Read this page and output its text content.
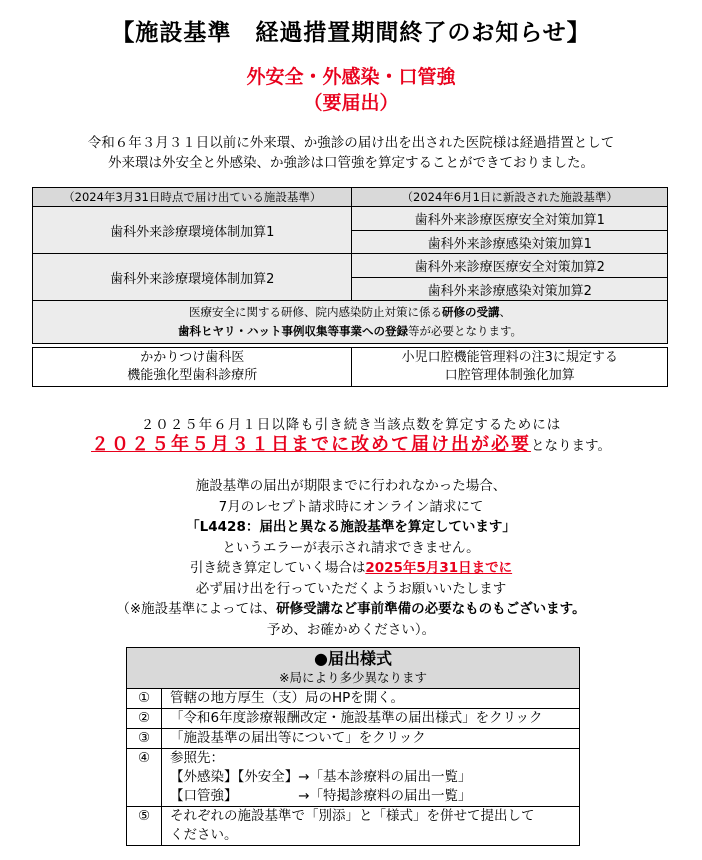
【施設基準　経過措置期間終了のお知らせ】
外安全・外感染・口管強
（要届出）
令和６年３月３１日以前に外来環、か強診の届け出を出された医院様は経過措置として
外来環は外安全と外感染、か強診は口管強を算定することができておりました。
（2024年3月31日時点で届け出ている施設基準）	（2024年6月1日に新設された施設基準）
歯科外来診療環境体制加算1	歯科外来診療医療安全対策加算1
	歯科外来診療感染対策加算1
歯科外来診療環境体制加算2	歯科外来診療医療安全対策加算2
	歯科外来診療感染対策加算2
医療安全に関する研修、院内感染防止対策に係る研修の受講、
歯科ヒヤリ・ハット事例収集等事業への登録等が必要となります。	

かかりつけ歯科医
機能強化型歯科診療所	小児口腔機能管理料の注3に規定する
口腔管理体制強化加算
２０２５年６月１日以降も引き続き当該点数を算定するためには
２０２５年５月３１日までに改めて届け出が必要となります。
施設基準の届出が期限までに行われなかった場合、
7月のレセプト請求時にオンライン請求にて
「L4428：届出と異なる施設基準を算定しています」
というエラーが表示され請求できません。
引き続き算定していく場合は2025年5月31日までに
必ず届け出を行っていただくようお願いいたします
（※施設基準によっては、研修受講など事前準備の必要なものもございます。
予め、お確かめください）。
●届出様式
※局により多少異なります	

①	管轄の地方厚生（支）局のHPを開く。
②	「令和6年度診療報酬改定・施設基準の届出様式」をクリック
③	「施設基準の届出等について」をクリック
④	参照先：
【外感染】【外安全】→「基本診療料の届出一覧」
【口管強】　　　　　→「特掲診療料の届出一覧」

⑤	それぞれの施設基準で「別添」と「様式」を併せて提出して
ください。
